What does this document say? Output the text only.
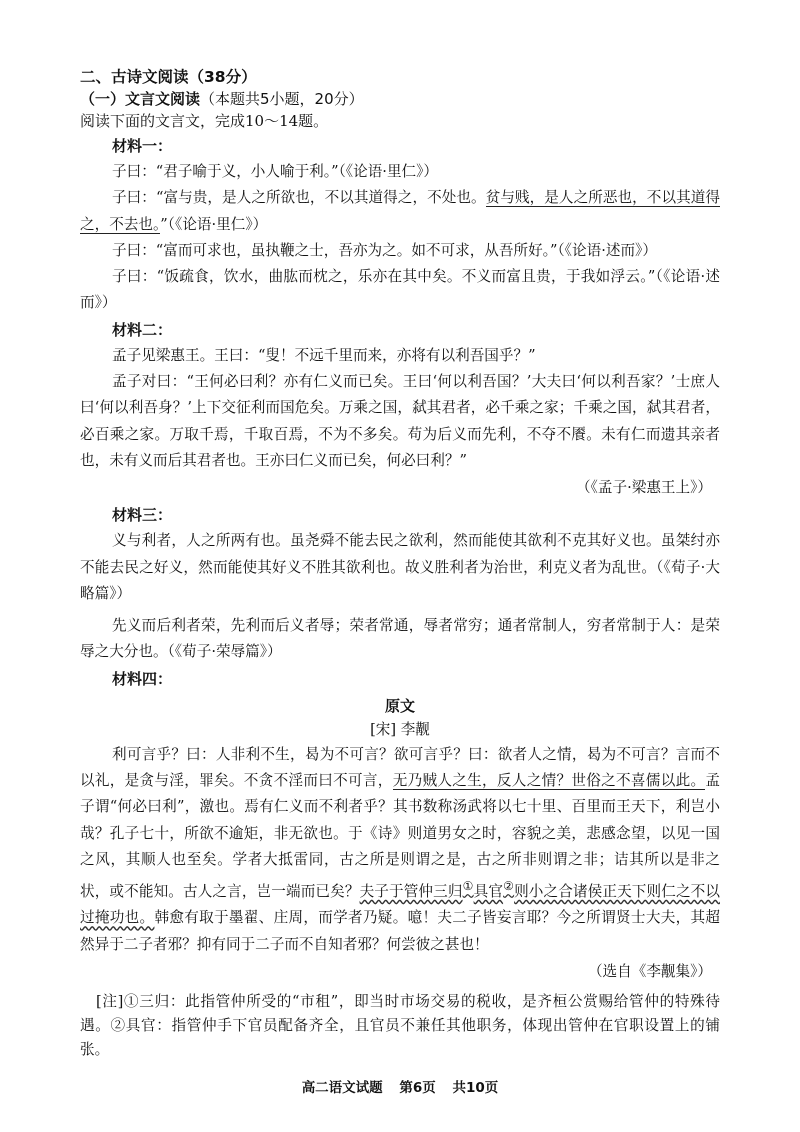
二、古诗文阅读（38分）

（一）文言文阅读（本题共5小题，20分）

阅读下面的文言文，完成10～14题。

材料一：

子曰：“君子喻于义，小人喻于利。”（《论语·里仁》）

子曰：“富与贵，是人之所欲也，不以其道得之，不处也。贫与贱，是人之所恶也，不以其道得之，不去也。”（《论语·里仁》）

子曰：“富而可求也，虽执鞭之士，吾亦为之。如不可求，从吾所好。”（《论语·述而》）

子曰：“饭疏食，饮水，曲肱而枕之，乐亦在其中矣。不义而富且贵，于我如浮云。”（《论语·述而》）

材料二：

孟子见梁惠王。王曰：“叟！不远千里而来，亦将有以利吾国乎？”

孟子对曰：“王何必曰利？亦有仁义而已矣。王曰‘何以利吾国？’大夫曰‘何以利吾家？’士庶人曰‘何以利吾身？’上下交征利而国危矣。万乘之国，弑其君者，必千乘之家；千乘之国，弑其君者，必百乘之家。万取千焉，千取百焉，不为不多矣。苟为后义而先利，不夺不餍。未有仁而遗其亲者也，未有义而后其君者也。王亦曰仁义而已矣，何必曰利？”

（《孟子·梁惠王上》）

材料三：

义与利者，人之所两有也。虽尧舜不能去民之欲利，然而能使其欲利不克其好义也。虽桀纣亦不能去民之好义，然而能使其好义不胜其欲利也。故义胜利者为治世，利克义者为乱世。（《荀子·大略篇》）

先义而后利者荣，先利而后义者辱；荣者常通，辱者常穷；通者常制人，穷者常制于人：是荣辱之大分也。（《荀子·荣辱篇》）

材料四：

原文

[宋] 李觏

利可言乎？曰：人非利不生，曷为不可言？欲可言乎？曰：欲者人之情，曷为不可言？言而不以礼，是贪与淫，罪矣。不贪不淫而曰不可言，无乃贼人之生，反人之情？世俗之不喜儒以此。孟子谓“何必曰利”，激也。焉有仁义而不利者乎？其书数称汤武将以七十里、百里而王天下，利岂小哉？孔子七十，所欲不逾矩，非无欲也。于《诗》则道男女之时，容貌之美，悲感念望，以见一国之风，其顺人也至矣。学者大抵雷同，古之所是则谓之是，古之所非则谓之非；诘其所以是非之状，或不能知。古人之言，岂一端而已矣？夫子于管仲三归①具官②则小之合诸侯正天下则仁之不以过掩功也。韩愈有取于墨翟、庄周，而学者乃疑。噫！夫二子皆妄言耶？今之所谓贤士大夫，其超然异于二子者邪？抑有同于二子而不自知者邪？何尝彼之甚也！

（选自《李觏集》）

[注]①三归：此指管仲所受的“市租”，即当时市场交易的税收，是齐桓公赏赐给管仲的特殊待遇。②具官：指管仲手下官员配备齐全，且官员不兼任其他职务，体现出管仲在官职设置上的铺张。

高二语文试题 第6页 共10页
